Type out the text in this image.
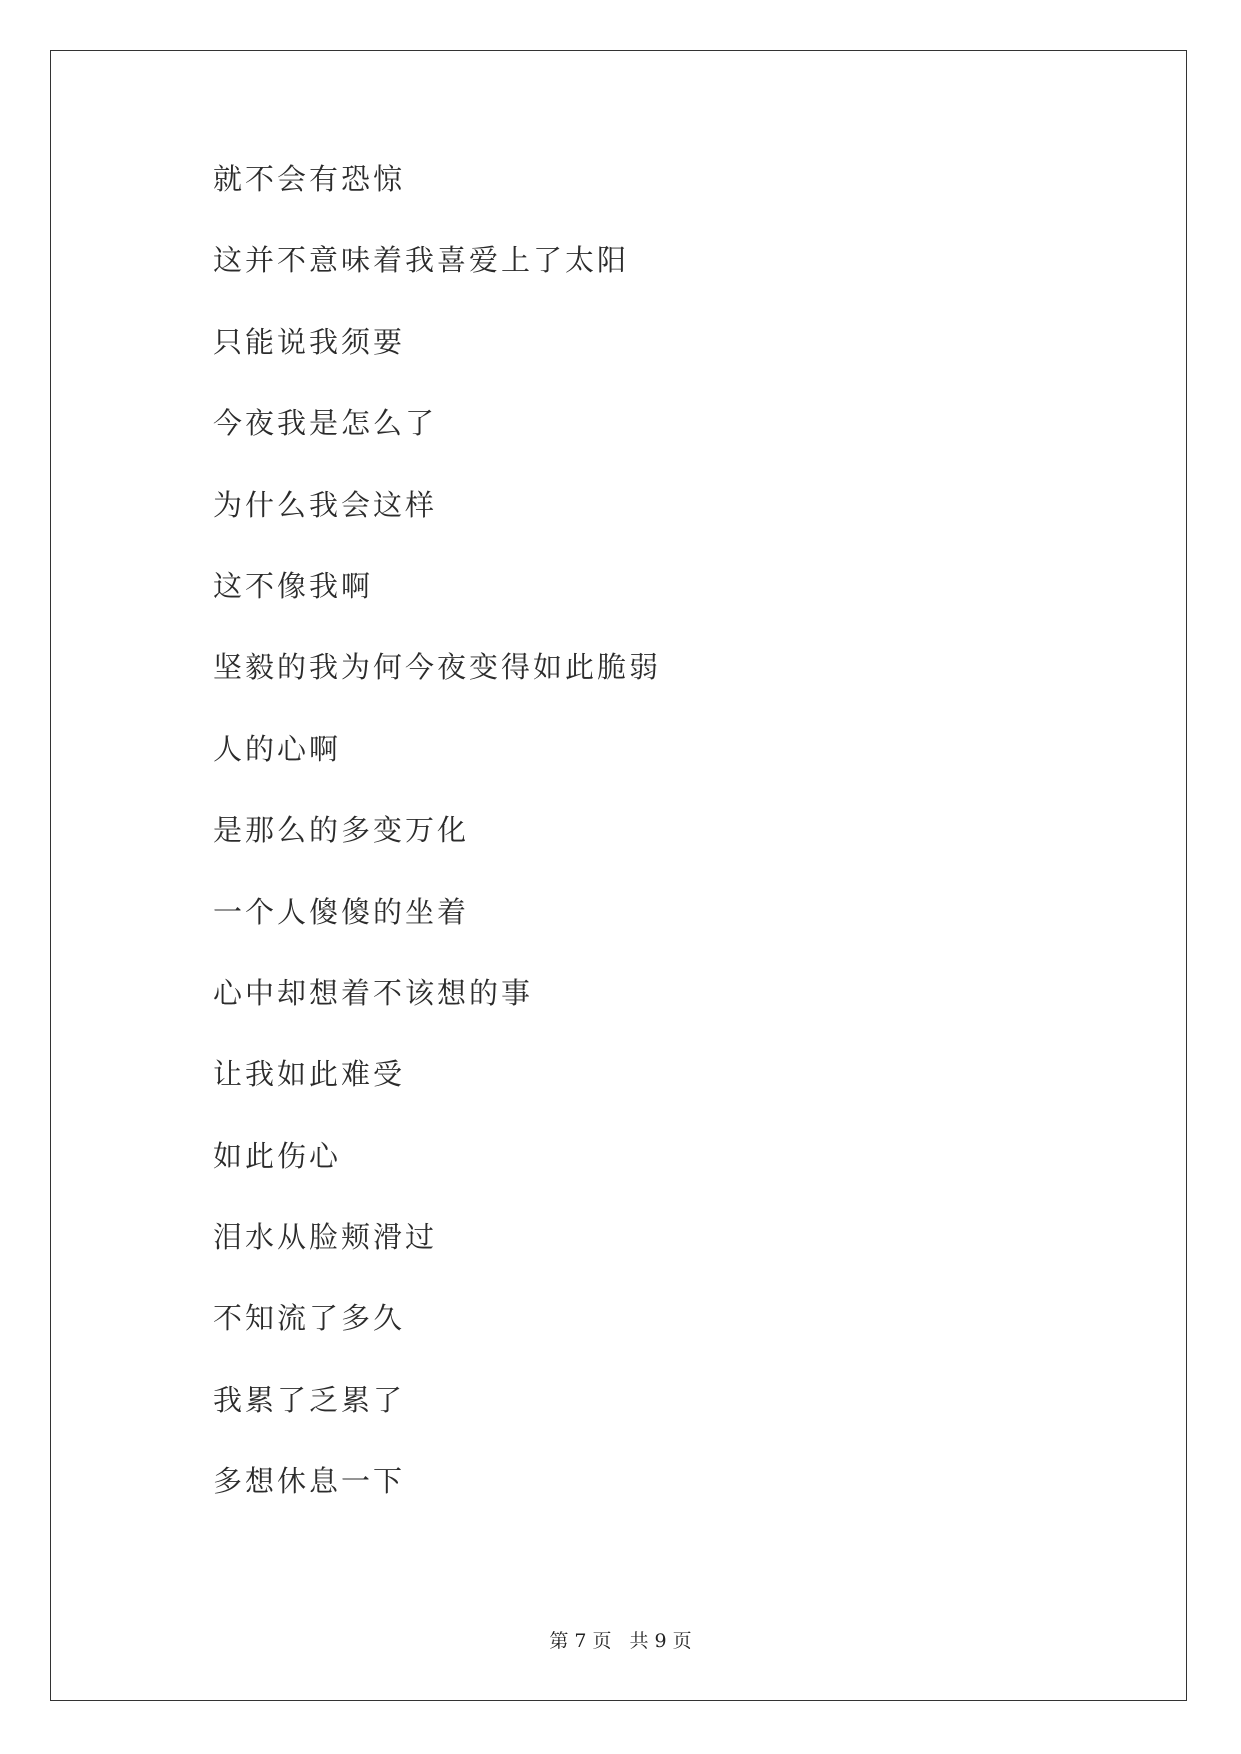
就不会有恐惊
这并不意味着我喜爱上了太阳
只能说我须要
今夜我是怎么了
为什么我会这样
这不像我啊
坚毅的我为何今夜变得如此脆弱
人的心啊
是那么的多变万化
一个人傻傻的坐着
心中却想着不该想的事
让我如此难受
如此伤心
泪水从脸颊滑过
不知流了多久
我累了乏累了
多想休息一下
第 7 页 共 9 页
